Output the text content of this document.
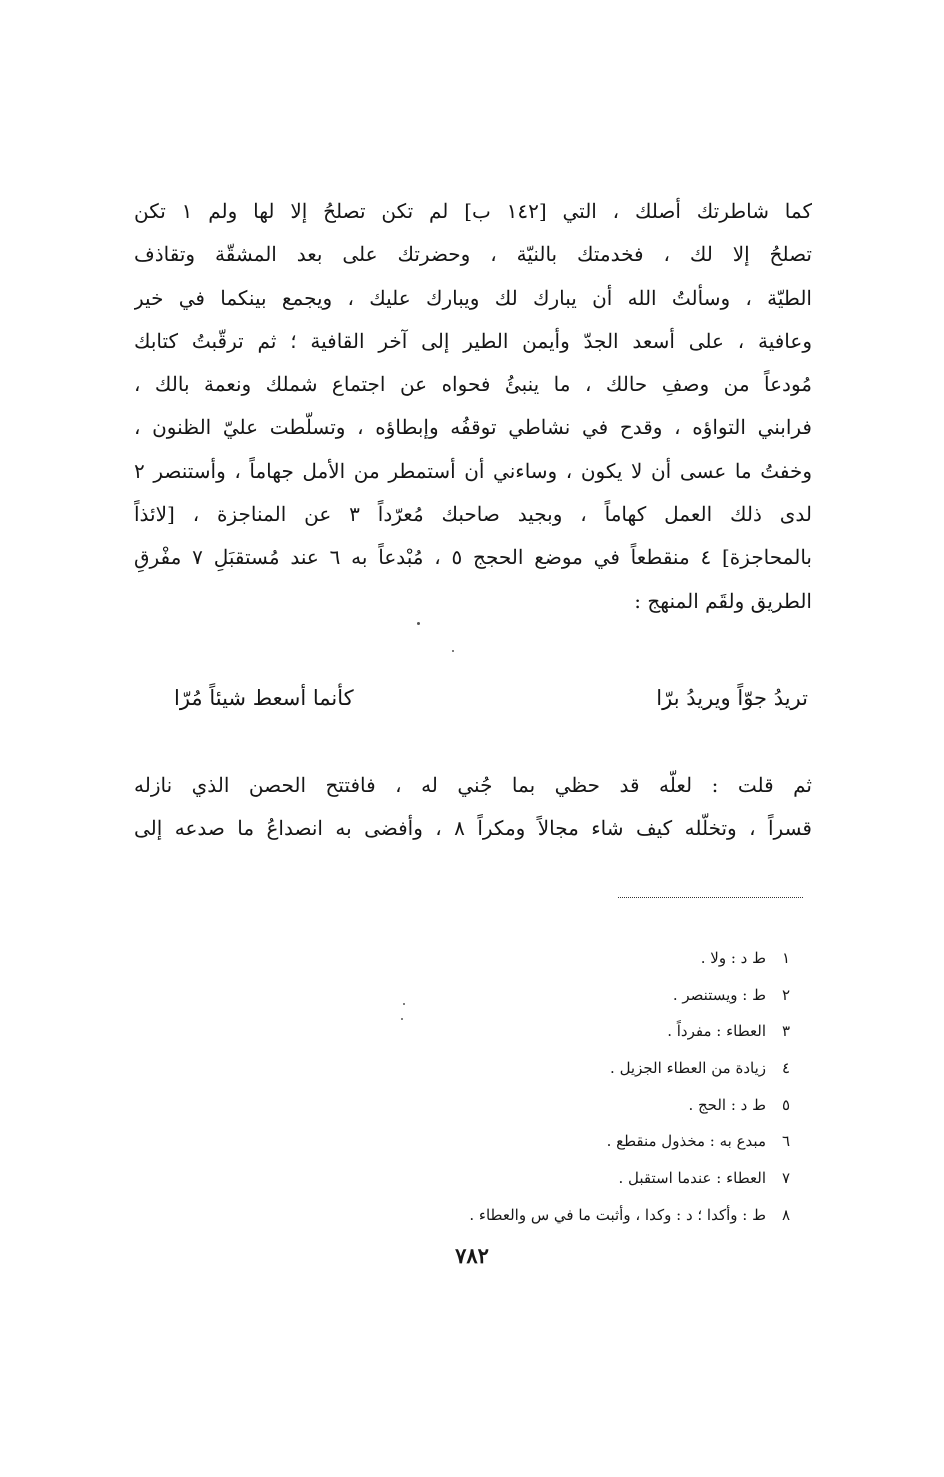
كما شاطرتك أصلك ، التي [١٤٢ ب] لم تكن تصلحُ إلا لها ولم ١ تكن
تصلحُ إلا لك ، فخدمتك بالنيّة ، وحضرتك على بعد المشقّة وتقاذف
الطيّة ، وسألتُ الله أن يبارك لك ويبارك عليك ، ويجمع بينكما في خير
وعافية ، على أسعد الجدّ وأيمن الطير إلى آخر القافية ؛ ثم ترقّبتُ كتابك
مُودعاً من وصفِ حالك ، ما ينبئُ فحواه عن اجتماع شملك ونعمة بالك ،
فرابني التواؤه ، وقدح في نشاطي توقفُه وإبطاؤه ، وتسلّطت عليّ الظنون ،
وخفتُ ما عسى أن لا يكون ، وساءني أن أستمطر من الأمل جهاماً ، وأستنصر ٢
لدى ذلك العمل كهاماً ، وبجيد صاحبك مُعرّداً ٣ عن المناجزة ، [لائذاً
بالمحاجزة] ٤ منقطعاً في موضع الحجج ٥ ، مُبْدعاً به ٦ عند مُستقبَلِ ٧ مفْرقِ
الطريق ولقَم المنهج :
تريدُ جوّاً ويريدُ برّا
كأنما أسعط شيئاً مُرّا
ثم قلت : لعلّه قد حظي بما جُني له ، فافتتح الحصن الذي نازله
قسراً ، وتخلّله كيف شاء مجالاً ومكراً ٨ ، وأفضى به انصداعُ ما صدعه إلى
١ط د : ولا .
٢ط : ويستنصر .
٣العطاء : مفرداً .
٤زيادة من العطاء الجزيل .
٥ط د : الحج .
٦مبدع به : مخذول منقطع .
٧العطاء : عندما استقبل .
٨ط : وأكدا ؛ د : وكدا ، وأثبت ما في س والعطاء .
٧٨٢
